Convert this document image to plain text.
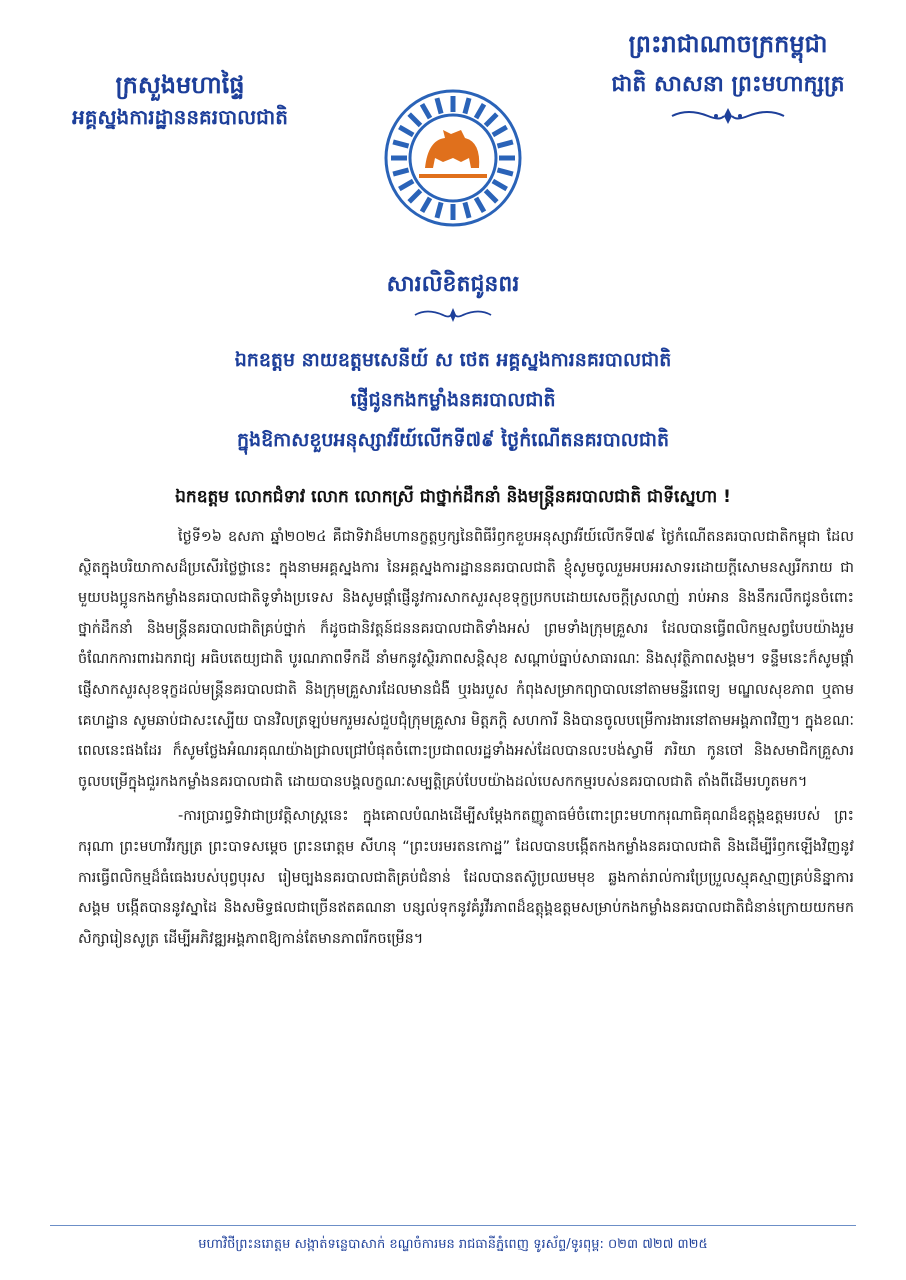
ក្រសួងមហាផ្ទៃ
អគ្គស្នងការដ្ឋាននគរបាលជាតិ
ព្រះរាជាណាចក្រកម្ពុជា
ជាតិ សាសនា ព្រះមហាក្សត្រ
សារលិខិតជូនពរ
ឯកឧត្តម នាយឧត្តមសេនីយ៍ ស ថេត អគ្គស្នងការនគរបាលជាតិ
ផ្ញើជូនកងកម្លាំងនគរបាលជាតិ
ក្នុងឱកាសខួបអនុស្សាវរីយ៍លើកទី៧៩ ថ្ងៃកំណើតនគរបាលជាតិ
ឯកឧត្តម លោកជំទាវ លោក លោកស្រី ជាថ្នាក់ដឹកនាំ និងមន្ត្រីនគរបាលជាតិ ជាទីស្នេហា !

ថ្ងៃទី១៦ ឧសភា ឆ្នាំ២០២៤ គឺជាទិវាដ៏មហានក្ខត្តឫក្សនៃពិធីរំឭកខួបអនុស្សាវរីយ៍លើកទី៧៩ ថ្ងៃកំណើតនគរបាលជាតិកម្ពុជា ដែលស្ថិតក្នុងបរិយាកាសដ៏ប្រសើរថ្លៃថ្លានេះ ក្នុងនាមអគ្គស្នងការ នៃអគ្គស្នងការដ្ឋាននគរបាលជាតិ ខ្ញុំសូមចូលរួមអបអរសាទរដោយក្ដីសោមនស្សរីករាយ ជាមួយបងប្អូនកងកម្លាំងនគរបាលជាតិទូទាំងប្រទេស និងសូមផ្ដាំផ្ញើនូវការសាកសួរសុខទុក្ខប្រកបដោយសេចក្ដីស្រលាញ់ រាប់អាន និងនឹករលឹកជូនចំពោះថ្នាក់ដឹកនាំ និងមន្ត្រីនគរបាលជាតិគ្រប់ថ្នាក់ ក៏ដូចជានិវត្តន៍ជននគរបាលជាតិទាំងអស់ ព្រមទាំងក្រុមគ្រួសារ ដែលបានធ្វើពលិកម្មសព្វបែបយ៉ាងរួមចំណែកការពារឯករាជ្យ អធិបតេយ្យជាតិ បូរណភាពទឹកដី នាំមកនូវស្ថិរភាពសន្តិសុខ សណ្ដាប់ធ្នាប់សាធារណៈ និងសុវត្ថិភាពសង្គម។ ទន្ទឹមនេះក៏សូមផ្ដាំផ្ញើសាកសួរសុខទុក្ខដល់មន្ត្រីនគរបាលជាតិ និងក្រុមគ្រួសារដែលមានជំងឺ ឬរងរបួស កំពុងសម្រាកព្យាបាលនៅតាមមន្ទីរពេទ្យ មណ្ឌលសុខភាព ឬតាមគេហដ្ឋាន សូមឆាប់ជាសះស្បើយ បានវិលត្រឡប់មករួមរស់ជួបជុំក្រុមគ្រួសារ មិត្តភក្ដិ សហការី និងបានចូលបម្រើការងារនៅតាមអង្គភាពវិញ។ ក្នុងខណៈពេលនេះផងដែរ ក៏សូមថ្លែងអំណរគុណយ៉ាងជ្រាលជ្រៅបំផុតចំពោះប្រជាពលរដ្ឋទាំងអស់ដែលបានលះបង់ស្វាមី ភរិយា កូនចៅ និងសមាជិកគ្រួសារ ចូលបម្រើក្នុងជួរកងកម្លាំងនគរបាលជាតិ ដោយបានបង្គលក្ខណៈសម្បត្តិគ្រប់បែបយ៉ាងដល់បេសកកម្មរបស់នគរបាលជាតិ តាំងពីដើមរហូតមក។

-ការប្រារព្ធទិវាជាប្រវត្តិសាស្ត្រនេះ ក្នុងគោលបំណងដើម្បីសម្ដែងកតញ្ញូតាធម៌ចំពោះព្រះមហាករុណាធិគុណដ៏ឧត្ដុង្គឧត្ដមរបស់ ព្រះករុណា ព្រះមហាវីរក្សត្រ ព្រះបាទសម្ដេច ព្រះនរោត្ដម សីហនុ “ព្រះបរមរតនកោដ្ឋ” ដែលបានបង្កើតកងកម្លាំងនគរបាលជាតិ និងដើម្បីរំឭកឡើងវិញនូវការធ្វើពលិកម្មដ៏ធំធេងរបស់បុព្វបុរស រៀមច្បងនគរបាលជាតិគ្រប់ជំនាន់ ដែលបានតស៊ូប្រឈមមុខ ឆ្លងកាត់រាល់ការប្រែប្រួលស្មុគស្មាញគ្រប់និន្នាការសង្គម បង្កើតបាននូវស្នាដៃ និងសមិទ្ធផលជាច្រើនឥតគណនា បន្សល់ទុកនូវគំរូវីរភាពដ៏ឧត្ដុង្គឧត្ដមសម្រាប់កងកម្លាំងនគរបាលជាតិជំនាន់ក្រោយយកមកសិក្សារៀនសូត្រ ដើម្បីអភិវឌ្ឍអង្គភាពឱ្យកាន់តែមានភាពរីកចម្រើន។

មហាវិថីព្រះនរោត្ដម សង្កាត់ទន្លេបាសាក់ ខណ្ឌចំការមន រាជធានីភ្នំពេញ ទូរស័ព្ទ/ទូរពុម្ព: ០២៣ ៧២៧ ៣២៥
